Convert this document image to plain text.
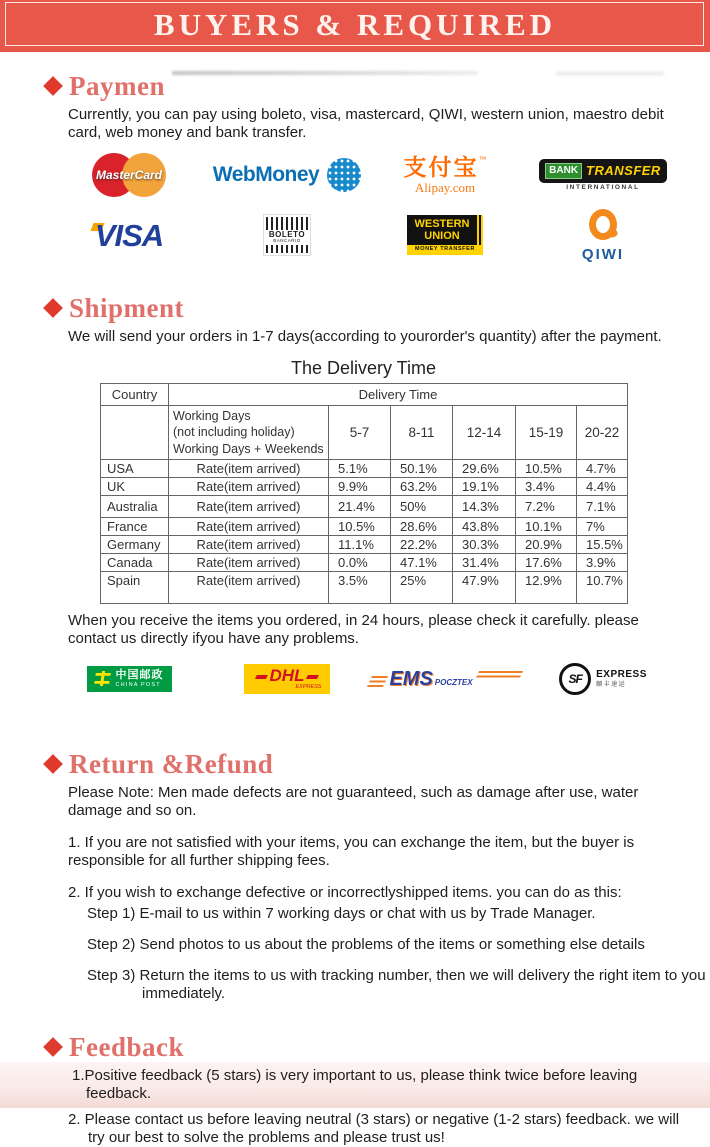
BUYERS & REQUIRED
Paymen

Currently, you can pay using boleto, visa, mastercard, QIWI, western union, maestro debit card, web money and bank transfer.

MasterCard WebMoney	支付宝™
Alipay.com
BANK TRANSFER
INTERNATIONAL
VISA	BOLETO
BANCARIO
WESTERN
UNION
MONEY TRANSFER	QIWI
Shipment

We will send your orders in 1-7 days(according to yourorder's quantity) after the payment.

The Delivery Time
Country	Delivery Time					

	Working Days
(not including holiday)
Working Days + Weekends	5-7	8-11	12-14	15-19	20-22
USA	Rate(item arrived)	5.1%	50.1%	29.6%	10.5%	4.7%
UK	Rate(item arrived)	9.9%	63.2%	19.1%	3.4%	4.4%
Australia	Rate(item arrived)	21.4%	50%	14.3%	7.2%	7.1%
France	Rate(item arrived)	10.5%	28.6%	43.8%	10.1%	7%
Germany	Rate(item arrived)	11.1%	22.2%	30.3%	20.9%	15.5%
Canada	Rate(item arrived)	0.0%	47.1%	31.4%	17.6%	3.9%
Spain	Rate(item arrived)	3.5%	25%	47.9%	12.9%	10.7%

When you receive the items you ordered, in 24 hours, please check it carefully. please contact us directly ifyou have any problems.

中国邮政
CHINA POST	DHL
EXPRESS	EMS POCZTEX	SF	EXPRESS
顺丰速运
Return &Refund

Please Note: Men made defects are not guaranteed, such as damage after use, water damage and so on.

1. If you are not satisfied with your items, you can exchange the item, but the buyer is responsible for all further shipping fees.

2. If you wish to exchange defective or incorrectlyshipped items. you can do as this:

Step 1) E-mail to us within 7 working days or chat with us by Trade Manager.

Step 2) Send photos to us about the problems of the items or something else details

Step 3) Return the items to us with tracking number, then we will delivery the right item to you immediately.

Feedback

1.Positive feedback (5 stars) is very important to us, please think twice before leaving feedback.

2. Please contact us before leaving neutral (3 stars) or negative (1-2 stars) feedback. we will try our best to solve the problems and please trust us!
